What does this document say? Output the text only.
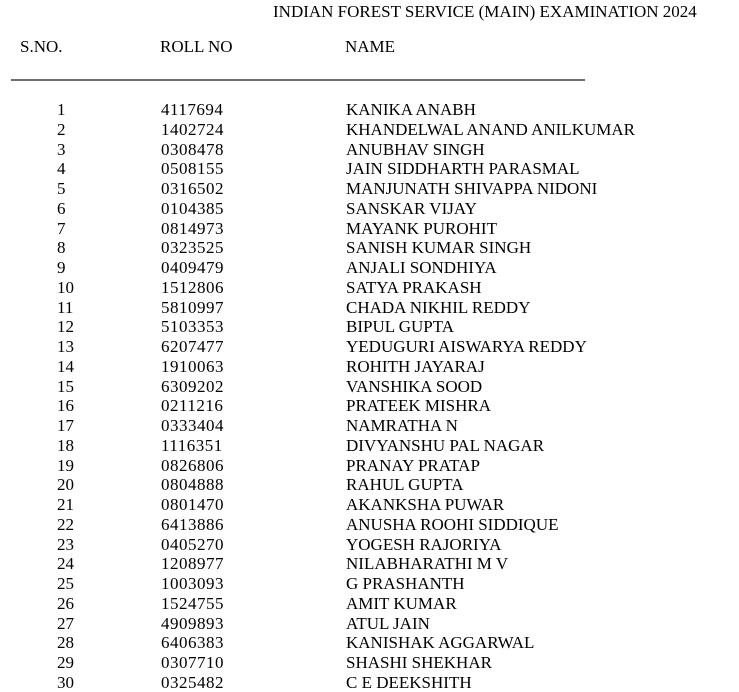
INDIAN FOREST SERVICE (MAIN) EXAMINATION 2024
S.NO.	ROLL NO	NAME
1	4117694	KANIKA ANABH
2	1402724	KHANDELWAL ANAND ANILKUMAR
3	0308478	ANUBHAV SINGH
4	0508155	JAIN SIDDHARTH PARASMAL
5	0316502	MANJUNATH SHIVAPPA NIDONI
6	0104385	SANSKAR VIJAY
7	0814973	MAYANK PUROHIT
8	0323525	SANISH KUMAR SINGH
9	0409479	ANJALI SONDHIYA
10	1512806	SATYA PRAKASH
11	5810997	CHADA NIKHIL REDDY
12	5103353	BIPUL GUPTA
13	6207477	YEDUGURI AISWARYA REDDY
14	1910063	ROHITH JAYARAJ
15	6309202	VANSHIKA SOOD
16	0211216	PRATEEK MISHRA
17	0333404	NAMRATHA N
18	1116351	DIVYANSHU PAL NAGAR
19	0826806	PRANAY PRATAP
20	0804888	RAHUL GUPTA
21	0801470	AKANKSHA PUWAR
22	6413886	ANUSHA ROOHI SIDDIQUE
23	0405270	YOGESH RAJORIYA
24	1208977	NILABHARATHI M V
25	1003093	G PRASHANTH
26	1524755	AMIT KUMAR
27	4909893	ATUL JAIN
28	6406383	KANISHAK AGGARWAL
29	0307710	SHASHI SHEKHAR
30	0325482	C E DEEKSHITH
